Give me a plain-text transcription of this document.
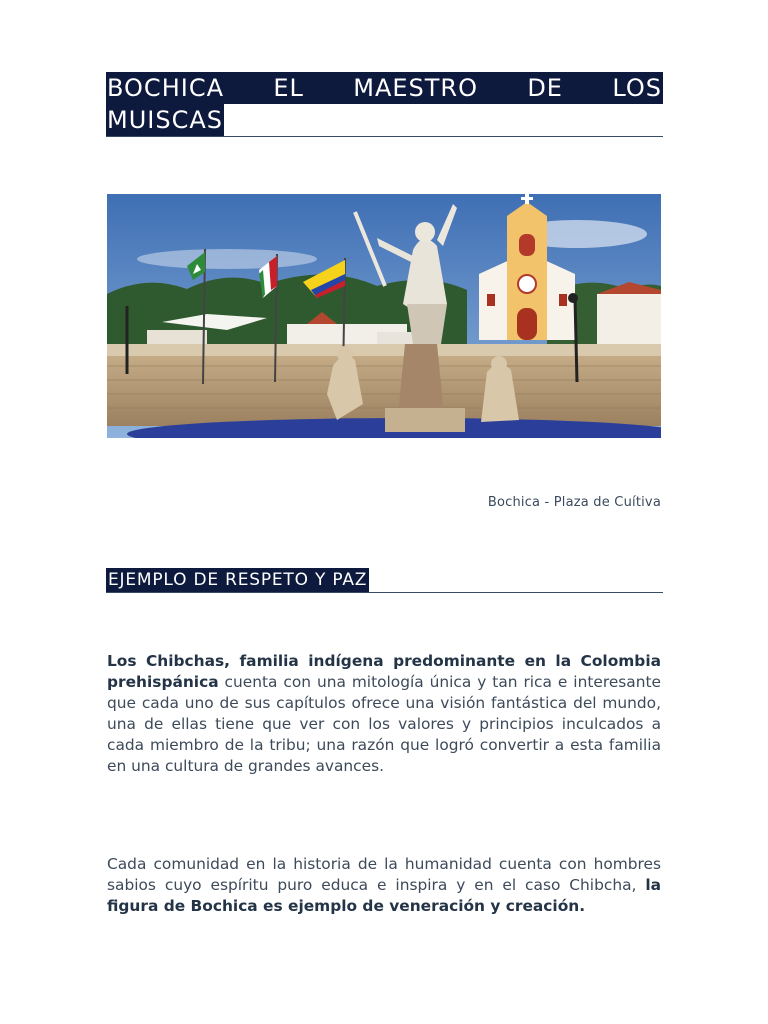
BOCHICA EL MAESTRO DE LOS
MUISCAS
Bochica - Plaza de Cuítiva
EJEMPLO DE RESPETO Y PAZ

Los Chibchas, familia indígena predominante en la Colombia prehispánica cuenta con una mitología única y tan rica e interesante que cada uno de sus capítulos ofrece una visión fantástica del mundo, una de ellas tiene que ver con los valores y principios inculcados a cada miembro de la tribu; una razón que logró convertir a esta familia en una cultura de grandes avances.

Cada comunidad en la historia de la humanidad cuenta con hombres sabios cuyo espíritu puro educa e inspira y en el caso Chibcha, la figura de Bochica es ejemplo de veneración y creación.
